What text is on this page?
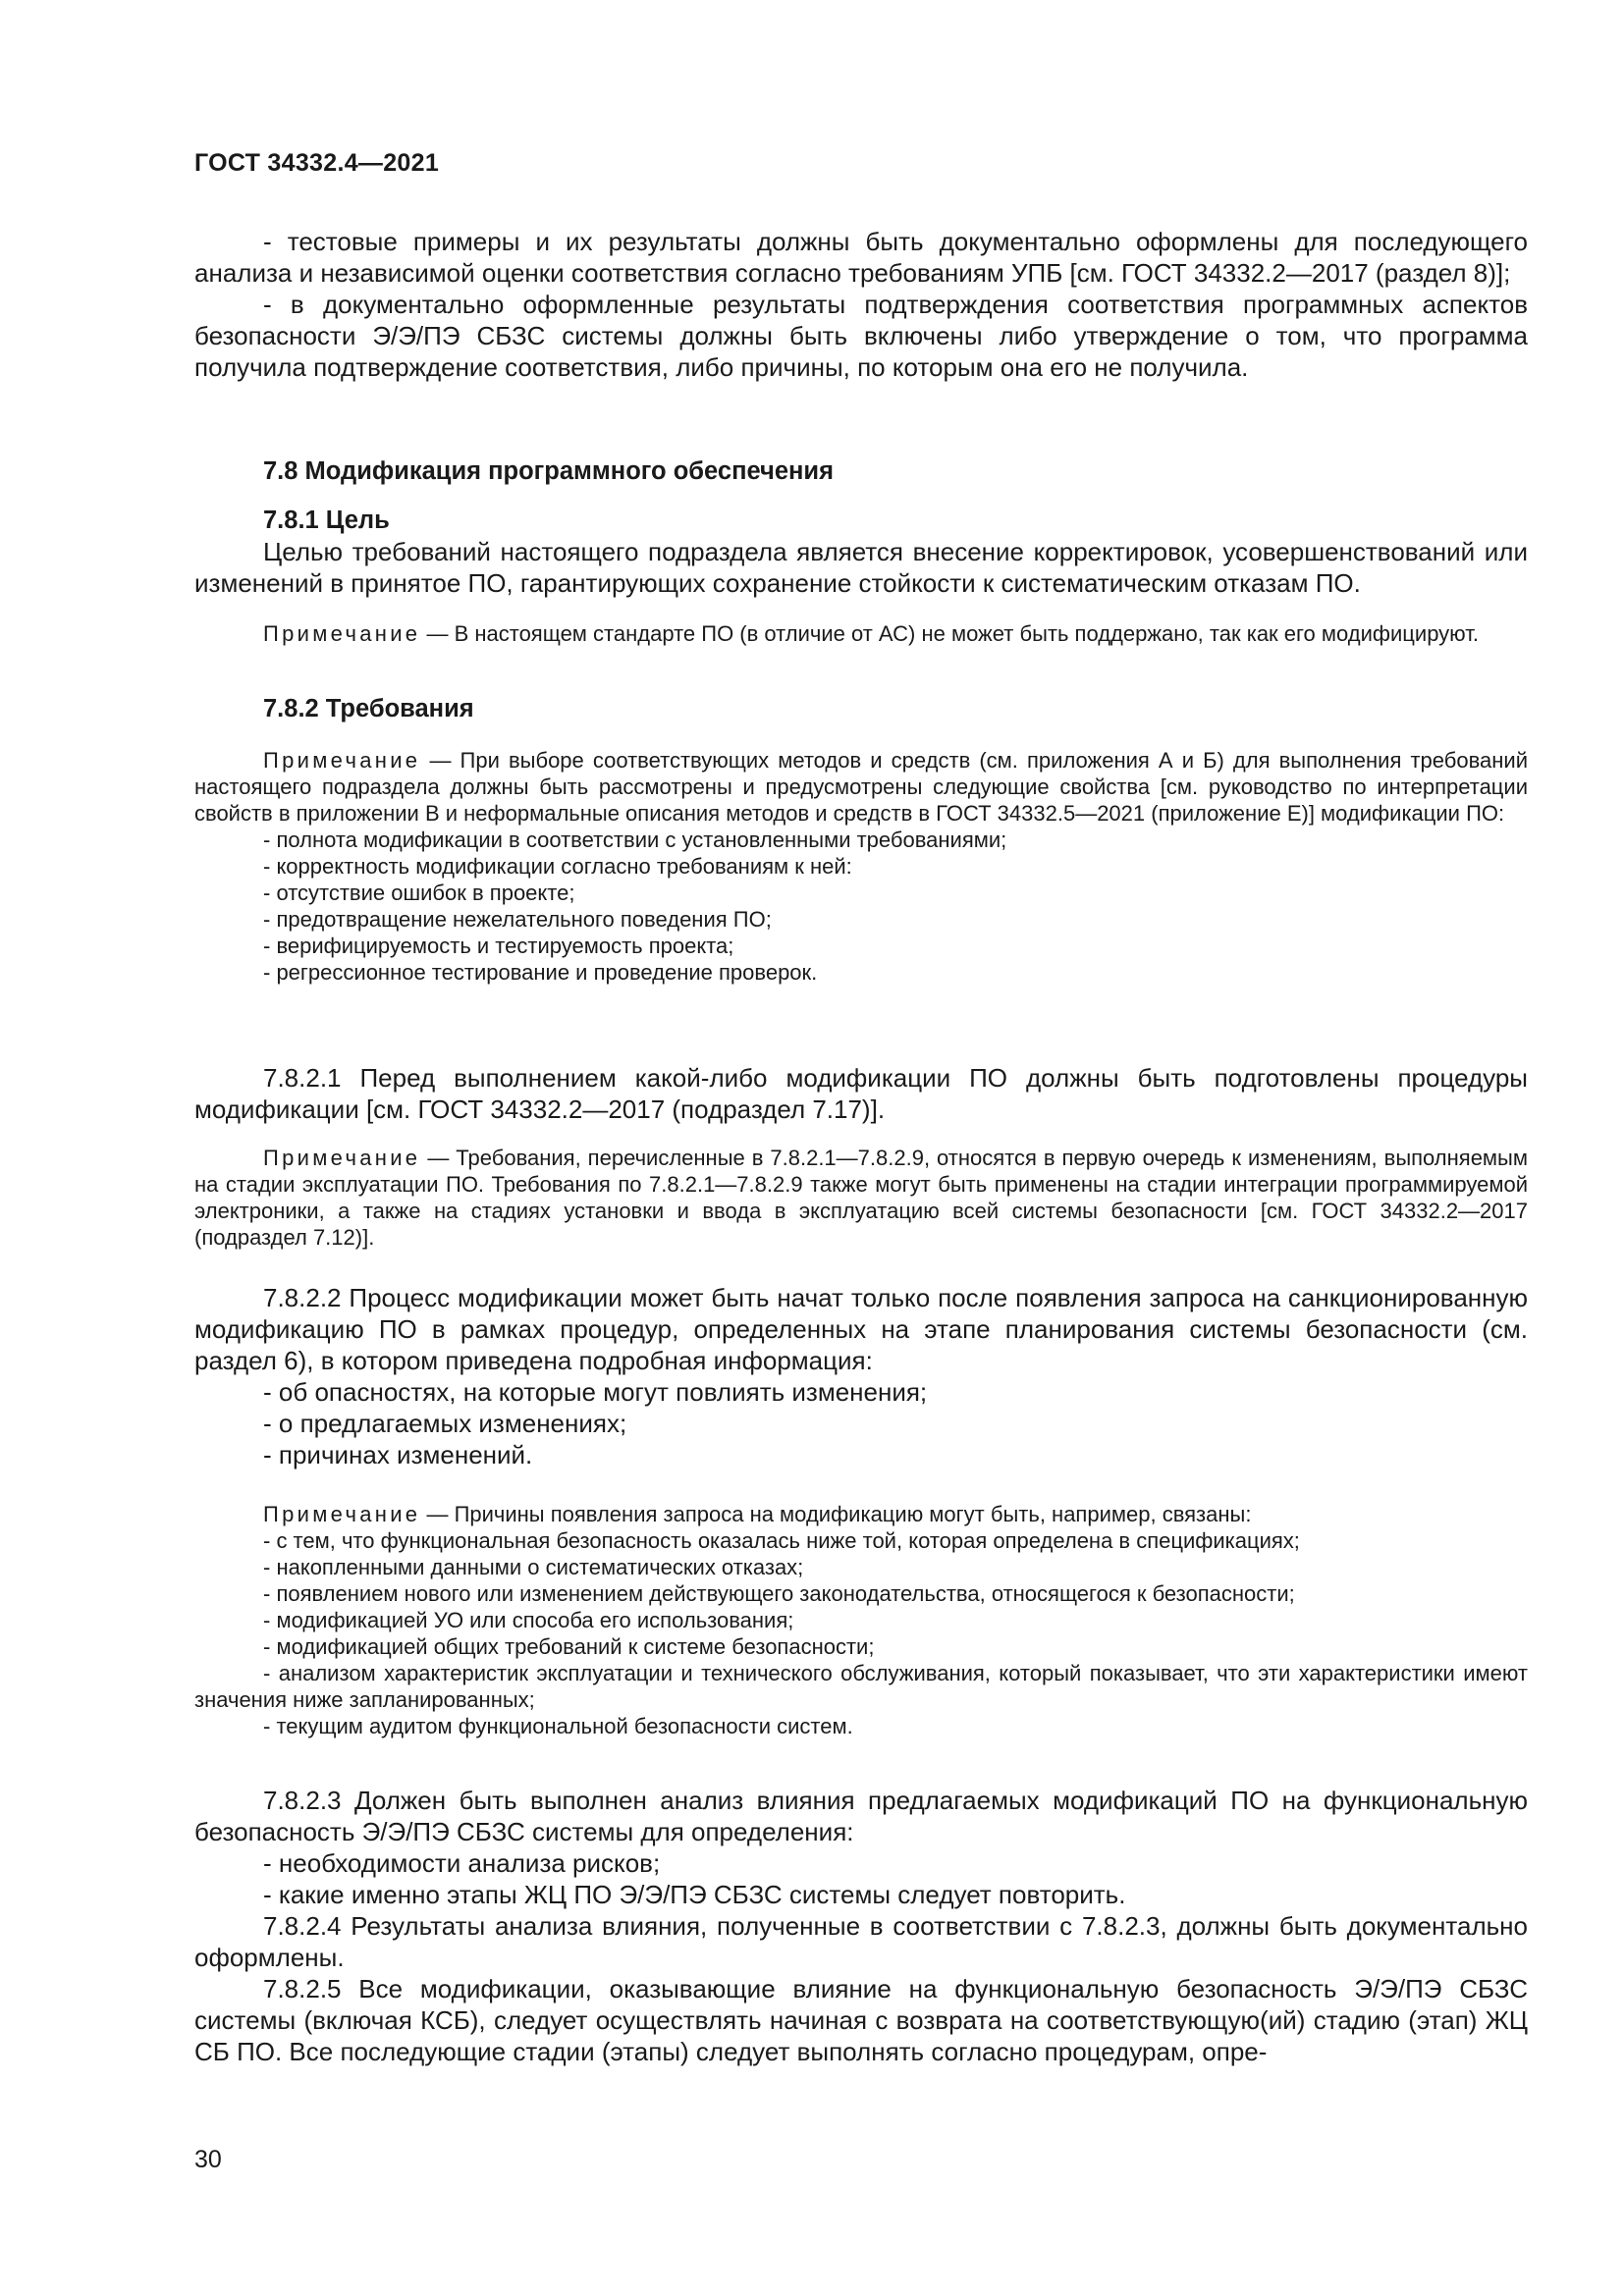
ГОСТ 34332.4—2021

- тестовые примеры и их результаты должны быть документально оформлены для последующего анализа и независимой оценки соответствия согласно требованиям УПБ [см. ГОСТ 34332.2—2017 (раздел 8)];

- в документально оформленные результаты подтверждения соответствия программных аспектов безопасности Э/Э/ПЭ СБЗС системы должны быть включены либо утверждение о том, что программа получила подтверждение соответствия, либо причины, по которым она его не получила.

7.8 Модификация программного обеспечения

7.8.1 Цель

Целью требований настоящего подраздела является внесение корректировок, усовершенствований или изменений в принятое ПО, гарантирующих сохранение стойкости к систематическим отказам ПО.

Примечание — В настоящем стандарте ПО (в отличие от АС) не может быть поддержано, так как его модифицируют.

7.8.2 Требования

Примечание — При выборе соответствующих методов и средств (см. приложения А и Б) для выполнения требований настоящего подраздела должны быть рассмотрены и предусмотрены следующие свойства [см. руководство по интерпретации свойств в приложении В и неформальные описания методов и средств в ГОСТ 34332.5—2021 (приложение Е)] модификации ПО:

- полнота модификации в соответствии с установленными требованиями;

- корректность модификации согласно требованиям к ней:

- отсутствие ошибок в проекте;

- предотвращение нежелательного поведения ПО;

- верифицируемость и тестируемость проекта;

- регрессионное тестирование и проведение проверок.

7.8.2.1 Перед выполнением какой-либо модификации ПО должны быть подготовлены процедуры модификации [см. ГОСТ 34332.2—2017 (подраздел 7.17)].

Примечание — Требования, перечисленные в 7.8.2.1—7.8.2.9, относятся в первую очередь к изменениям, выполняемым на стадии эксплуатации ПО. Требования по 7.8.2.1—7.8.2.9 также могут быть применены на стадии интеграции программируемой электроники, а также на стадиях установки и ввода в эксплуатацию всей системы безопасности [см. ГОСТ 34332.2—2017 (подраздел 7.12)].

7.8.2.2 Процесс модификации может быть начат только после появления запроса на санкционированную модификацию ПО в рамках процедур, определенных на этапе планирования системы безопасности (см. раздел 6), в котором приведена подробная информация:

- об опасностях, на которые могут повлиять изменения;

- о предлагаемых изменениях;

- причинах изменений.

Примечание — Причины появления запроса на модификацию могут быть, например, связаны:

- с тем, что функциональная безопасность оказалась ниже той, которая определена в спецификациях;

- накопленными данными о систематических отказах;

- появлением нового или изменением действующего законодательства, относящегося к безопасности;

- модификацией УО или способа его использования;

- модификацией общих требований к системе безопасности;

- анализом характеристик эксплуатации и технического обслуживания, который показывает, что эти характеристики имеют значения ниже запланированных;

- текущим аудитом функциональной безопасности систем.

7.8.2.3 Должен быть выполнен анализ влияния предлагаемых модификаций ПО на функциональную безопасность Э/Э/ПЭ СБЗС системы для определения:

- необходимости анализа рисков;

- какие именно этапы ЖЦ ПО Э/Э/ПЭ СБЗС системы следует повторить.

7.8.2.4 Результаты анализа влияния, полученные в соответствии с 7.8.2.3, должны быть документально оформлены.

7.8.2.5 Все модификации, оказывающие влияние на функциональную безопасность Э/Э/ПЭ СБЗС системы (включая КСБ), следует осуществлять начиная с возврата на соответствующую(ий) стадию (этап) ЖЦ СБ ПО. Все последующие стадии (этапы) следует выполнять согласно процедурам, опре-

30
